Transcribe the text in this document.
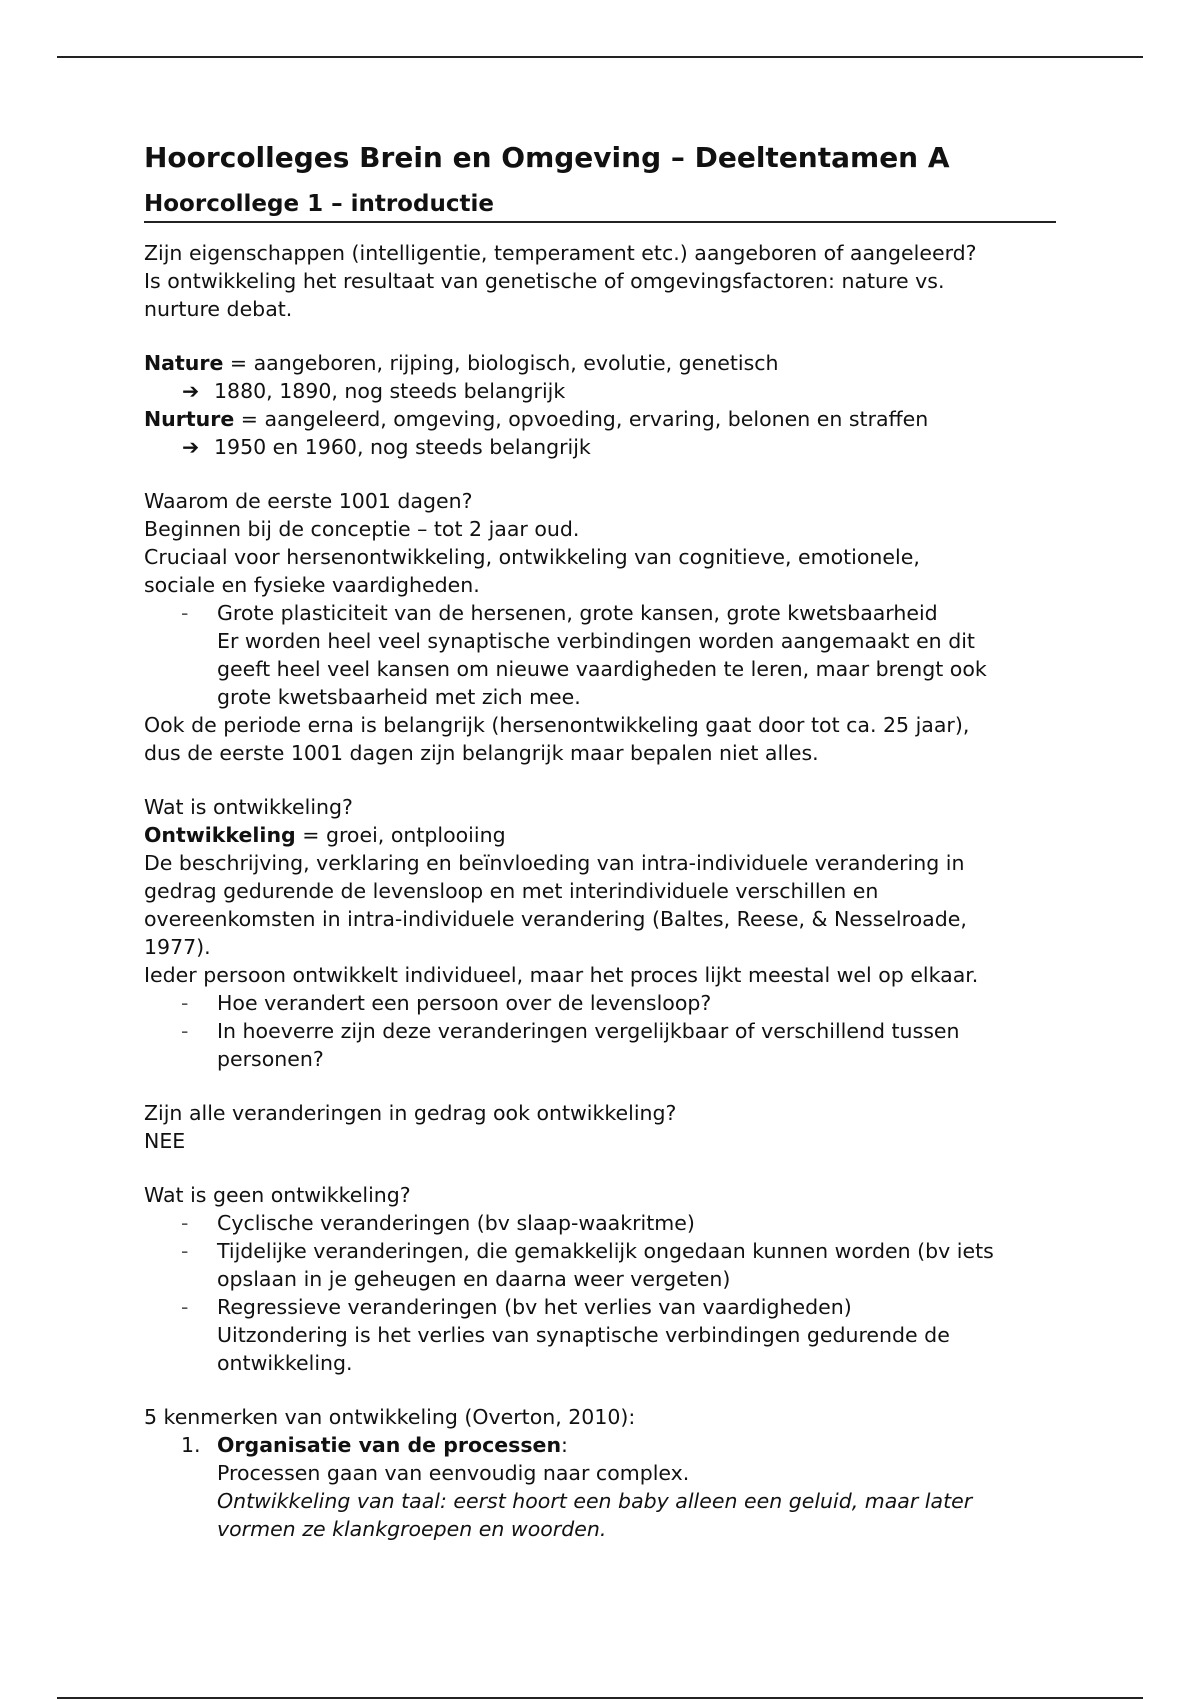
Hoorcolleges Brein en Omgeving – Deeltentamen A
Hoorcollege 1 – introductie

Zijn eigenschappen (intelligentie, temperament etc.) aangeboren of aangeleerd?

Is ontwikkeling het resultaat van genetische of omgevingsfactoren: nature vs.

nurture debat.

Nature = aangeboren, rijping, biologisch, evolutie, genetisch

➔ 1880, 1890, nog steeds belangrijk

Nurture = aangeleerd, omgeving, opvoeding, ervaring, belonen en straffen

➔ 1950 en 1960, nog steeds belangrijk

Waarom de eerste 1001 dagen?

Beginnen bij de conceptie – tot 2 jaar oud.

Cruciaal voor hersenontwikkeling, ontwikkeling van cognitieve, emotionele,

sociale en fysieke vaardigheden.

- Grote plasticiteit van de hersenen, grote kansen, grote kwetsbaarheid
Er worden heel veel synaptische verbindingen worden aangemaakt en dit
geeft heel veel kansen om nieuwe vaardigheden te leren, maar brengt ook
grote kwetsbaarheid met zich mee.

Ook de periode erna is belangrijk (hersenontwikkeling gaat door tot ca. 25 jaar),

dus de eerste 1001 dagen zijn belangrijk maar bepalen niet alles.

Wat is ontwikkeling?

Ontwikkeling = groei, ontplooiing

De beschrijving, verklaring en beïnvloeding van intra-individuele verandering in

gedrag gedurende de levensloop en met interindividuele verschillen en

overeenkomsten in intra-individuele verandering (Baltes, Reese, & Nesselroade,

1977).

Ieder persoon ontwikkelt individueel, maar het proces lijkt meestal wel op elkaar.

- Hoe verandert een persoon over de levensloop?
- In hoeverre zijn deze veranderingen vergelijkbaar of verschillend tussen
personen?

Zijn alle veranderingen in gedrag ook ontwikkeling?

NEE

Wat is geen ontwikkeling?

- Cyclische veranderingen (bv slaap-waakritme)
- Tijdelijke veranderingen, die gemakkelijk ongedaan kunnen worden (bv iets
opslaan in je geheugen en daarna weer vergeten)
- Regressieve veranderingen (bv het verlies van vaardigheden)
Uitzondering is het verlies van synaptische verbindingen gedurende de
ontwikkeling.

5 kenmerken van ontwikkeling (Overton, 2010):

1. Organisatie van de processen:
Processen gaan van eenvoudig naar complex.
Ontwikkeling van taal: eerst hoort een baby alleen een geluid, maar later
vormen ze klankgroepen en woorden.
